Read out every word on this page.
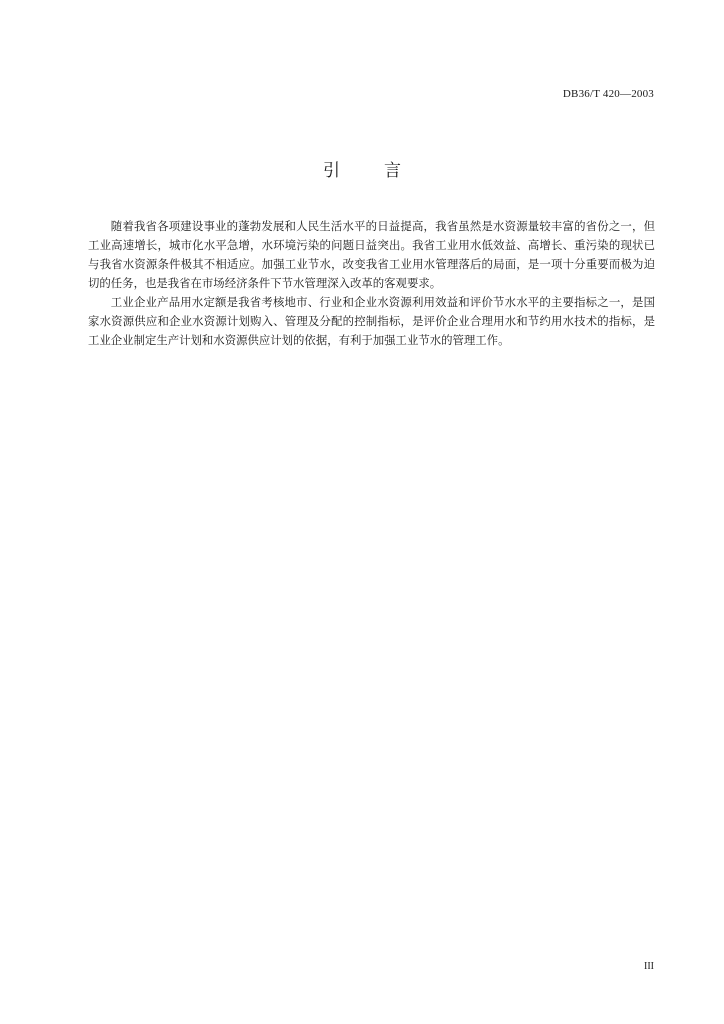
DB36/T 420—2003
引言

随着我省各项建设事业的蓬勃发展和人民生活水平的日益提高，我省虽然是水资源量较丰富的省份之一，但工业高速增长，城市化水平急增，水环境污染的问题日益突出。我省工业用水低效益、高增长、重污染的现状已与我省水资源条件极其不相适应。加强工业节水，改变我省工业用水管理落后的局面，是一项十分重要而极为迫切的任务，也是我省在市场经济条件下节水管理深入改革的客观要求。

工业企业产品用水定额是我省考核地市、行业和企业水资源利用效益和评价节水水平的主要指标之一，是国家水资源供应和企业水资源计划购入、管理及分配的控制指标，是评价企业合理用水和节约用水技术的指标，是工业企业制定生产计划和水资源供应计划的依据，有利于加强工业节水的管理工作。

III
